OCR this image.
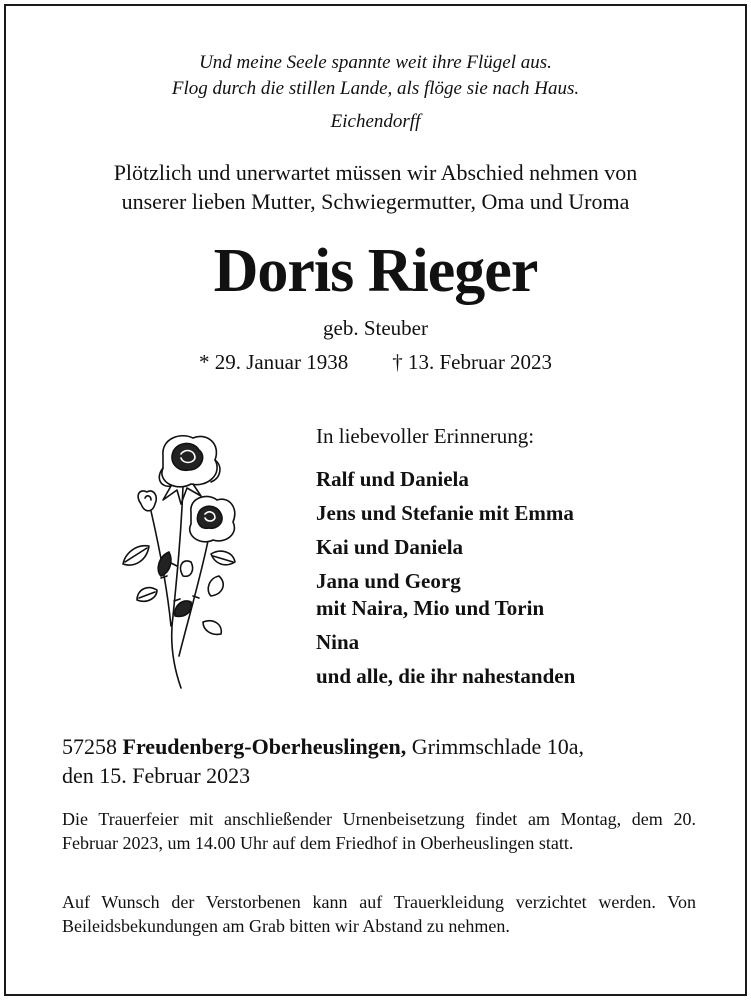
Und meine Seele spannte weit ihre Flügel aus.
Flog durch die stillen Lande, als flöge sie nach Haus.
Eichendorff
Plötzlich und unerwartet müssen wir Abschied nehmen von
unserer lieben Mutter, Schwiegermutter, Oma und Uroma
Doris Rieger
geb. Steuber
* 29. Januar 1938 † 13. Februar 2023
In liebevoller Erinnerung:
Ralf und Daniela
Jens und Stefanie mit Emma
Kai und Daniela
Jana und Georg
mit Naira, Mio und Torin
Nina
und alle, die ihr nahestanden
57258 Freudenberg-Oberheuslingen, Grimmschlade 10a,
den 15. Februar 2023
Die Trauerfeier mit anschließender Urnenbeisetzung findet am Montag, dem 20. Februar 2023, um 14.00 Uhr auf dem Friedhof in Oberheuslingen statt.
Auf Wunsch der Verstorbenen kann auf Trauerkleidung verzichtet werden. Von Beileidsbekundungen am Grab bitten wir Abstand zu nehmen.
